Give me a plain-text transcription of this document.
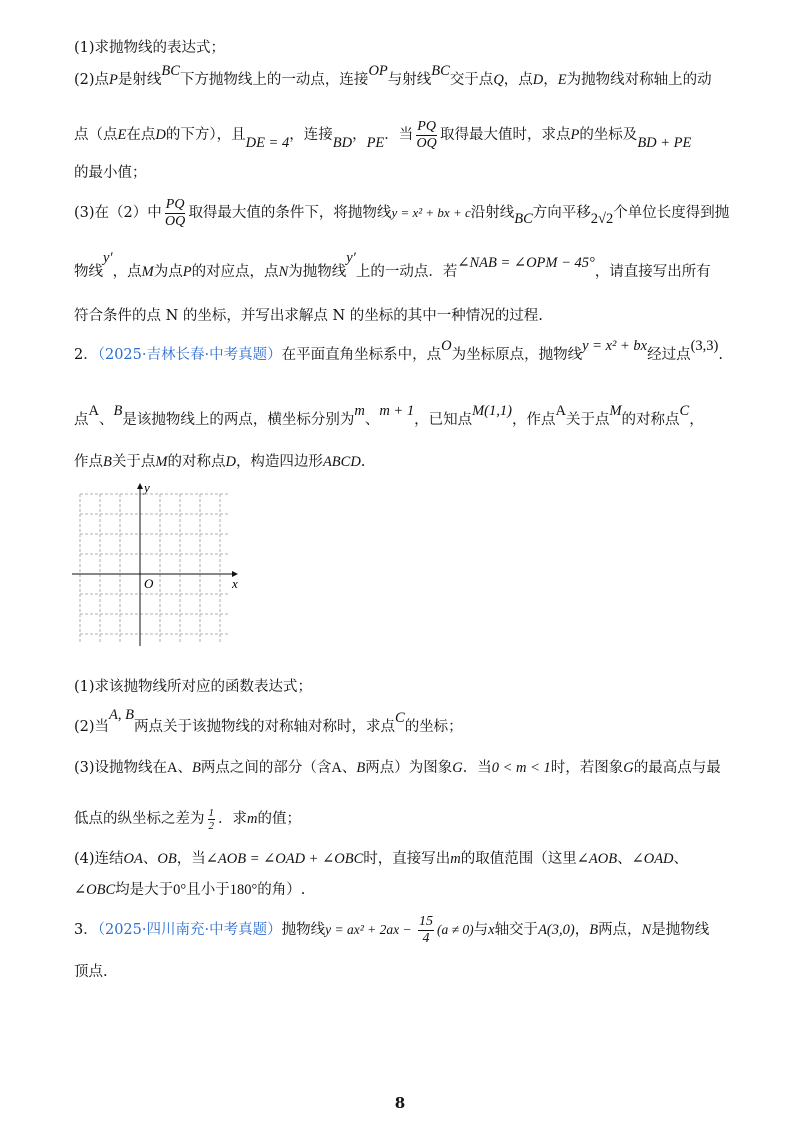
(1)求抛物线的表达式；
(2)点P是射线BC下方抛物线上的一动点，连接OP与射线BC交于点Q，点D，E为抛物线对称轴上的动
点（点E在点D的下方），且DE = 4，连接BD，PE．当 $\frac{PQ}{OQ}$ 取得最大值时，求点P的坐标及BD + PE
的最小值；
(3)在（2）中 $\frac{PQ}{OQ}$ 取得最大值的条件下，将抛物线y = x² + bx + c沿射线BC方向平移2√2个单位长度得到抛
物线y′，点M为点P的对应点，点N为抛物线y′上的一动点．若∠NAB = ∠OPM − 45°，请直接写出所有
符合条件的点 N 的坐标，并写出求解点 N 的坐标的其中一种情况的过程.
2．（2025·吉林长春·中考真题）在平面直角坐标系中，点O为坐标原点，抛物线y = x² + bx经过点(3,3).
点A、B是该抛物线上的两点，横坐标分别为m、m + 1，已知点M(1,1)，作点A关于点M的对称点C，
作点B关于点M的对称点D，构造四边形ABCD.
y
x
O
(1)求该抛物线所对应的函数表达式；
(2)当A, B两点关于该抛物线的对称轴对称时，求点C的坐标；
(3)设抛物线在A、B两点之间的部分（含A、B两点）为图象G．当0 < m < 1时，若图象G的最高点与最
低点的纵坐标之差为 $\frac{1}{2}$ ．求m的值；
(4)连结OA、OB，当∠AOB = ∠OAD + ∠OBC时，直接写出m的取值范围（这里∠AOB、∠OAD、
∠OBC均是大于0°且小于180°的角）.
3．（2025·四川南充·中考真题）抛物线$y = ax^2 + 2ax - \frac{15}{4} (a \ne 0)$与x轴交于A(3,0)，B两点，N是抛物线
顶点.
8
